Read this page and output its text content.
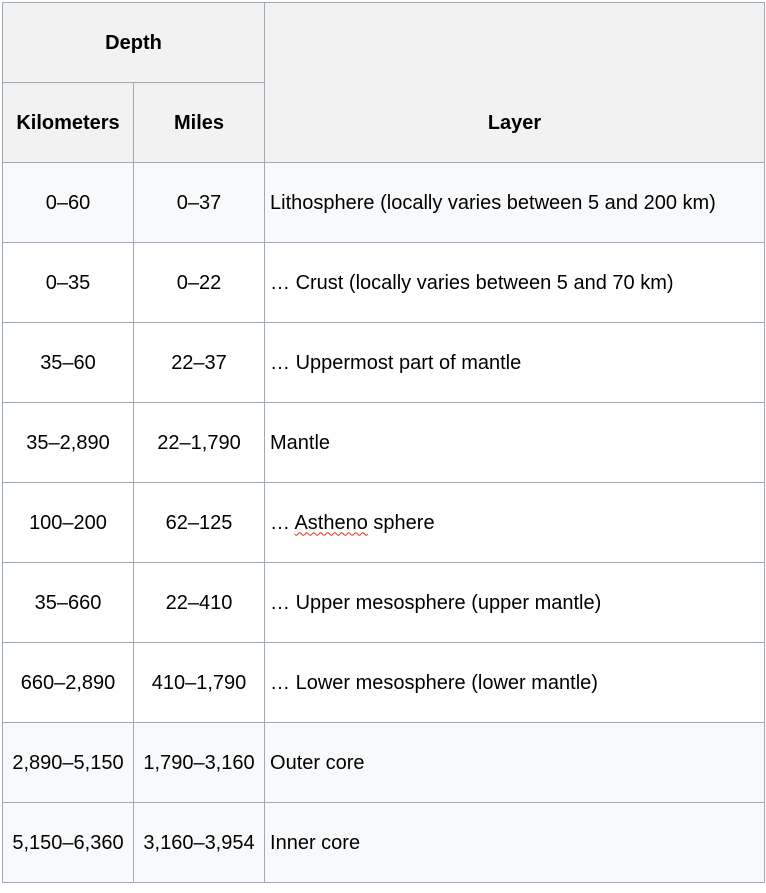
Depth		Layer
Kilometers	Miles	
0–60	0–37	Lithosphere (locally varies between 5 and 200 km)
0–35	0–22	… Crust (locally varies between 5 and 70 km)
35–60	22–37	… Uppermost part of mantle
35–2,890	22–1,790	Mantle
100–200	62–125	… Astheno sphere
35–660	22–410	… Upper mesosphere (upper mantle)
660–2,890	410–1,790	… Lower mesosphere (lower mantle)
2,890–5,150	1,790–3,160	Outer core
5,150–6,360	3,160–3,954	Inner core
